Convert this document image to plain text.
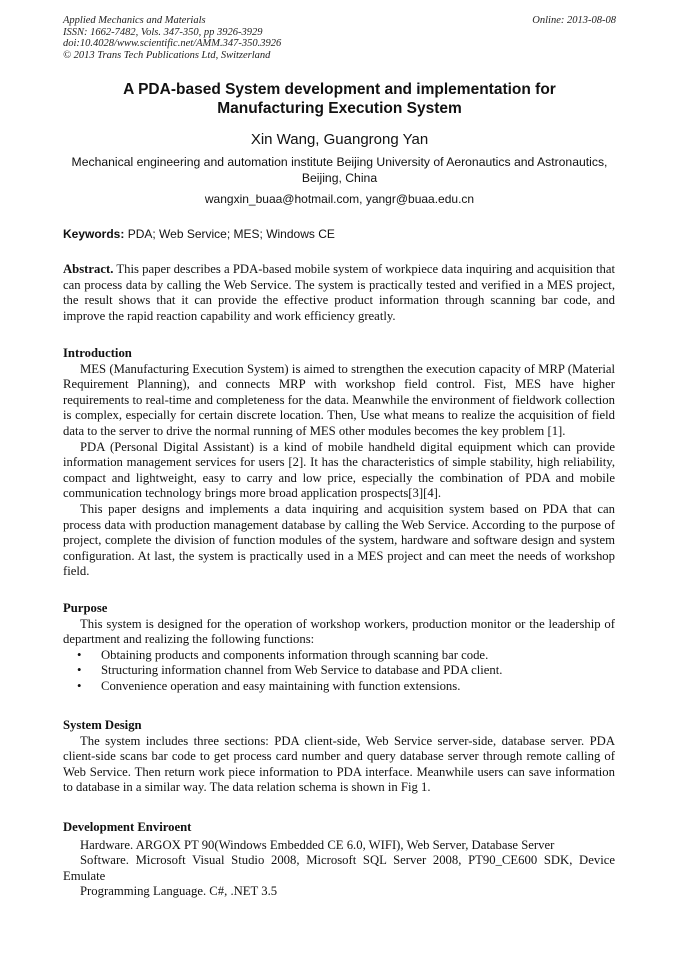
Applied Mechanics and Materials
ISSN: 1662-7482, Vols. 347-350, pp 3926-3929
doi:10.4028/www.scientific.net/AMM.347-350.3926
© 2013 Trans Tech Publications Ltd, Switzerland
Online: 2013-08-08
A PDA-based System development and implementation for
Manufacturing Execution System
Xin Wang, Guangrong Yan
Mechanical engineering and automation institute Beijing University of Aeronautics and Astronautics,
Beijing, China
wangxin_buaa@hotmail.com, yangr@buaa.edu.cn
Keywords: PDA; Web Service; MES; Windows CE

Abstract. This paper describes a PDA-based mobile system of workpiece data inquiring and acquisition that can process data by calling the Web Service. The system is practically tested and verified in a MES project, the result shows that it can provide the effective product information through scanning bar code, and improve the rapid reaction capability and work efficiency greatly.

Introduction

MES (Manufacturing Execution System) is aimed to strengthen the execution capacity of MRP (Material Requirement Planning), and connects MRP with workshop field control. Fist, MES have higher requirements to real-time and completeness for the data. Meanwhile the environment of fieldwork collection is complex, especially for certain discrete location. Then, Use what means to realize the acquisition of field data to the server to drive the normal running of MES other modules becomes the key problem [1].

PDA (Personal Digital Assistant) is a kind of mobile handheld digital equipment which can provide information management services for users [2]. It has the characteristics of simple stability, high reliability, compact and lightweight, easy to carry and low price, especially the combination of PDA and mobile communication technology brings more broad application prospects[3][4].

This paper designs and implements a data inquiring and acquisition system based on PDA that can process data with production management database by calling the Web Service. According to the purpose of project, complete the division of function modules of the system, hardware and software design and system configuration. At last, the system is practically used in a MES project and can meet the needs of workshop field.

Purpose

This system is designed for the operation of workshop workers, production monitor or the leadership of department and realizing the following functions:

• Obtaining products and components information through scanning bar code.
• Structuring information channel from Web Service to database and PDA client.
• Convenience operation and easy maintaining with function extensions.

System Design

The system includes three sections: PDA client-side, Web Service server-side, database server. PDA client-side scans bar code to get process card number and query database server through remote calling of Web Service. Then return work piece information to PDA interface. Meanwhile users can save information to database in a similar way. The data relation schema is shown in Fig 1.

Development Enviroent

Hardware. ARGOX PT 90(Windows Embedded CE 6.0, WIFI), Web Server, Database Server

Software. Microsoft Visual Studio 2008, Microsoft SQL Server 2008, PT90_CE600 SDK, Device Emulate

Programming Language. C#, .NET 3.5
